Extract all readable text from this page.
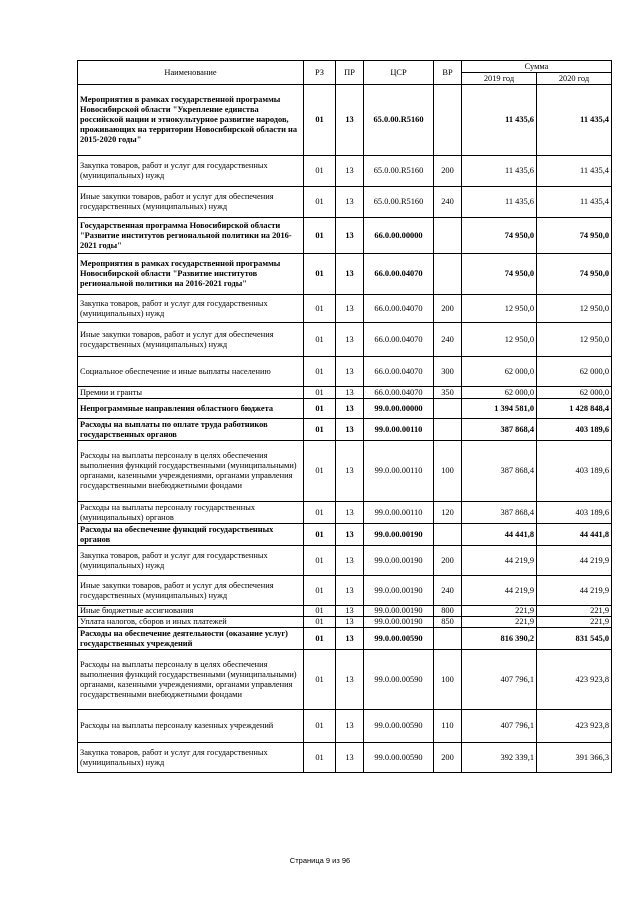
Наименование	РЗ	ПР	ЦСР	ВР	Сумма	
					2019 год	2020 год
Мероприятия в рамках государственной программы Новосибирской области "Укрепление единства российской нации и этнокультурное развитие народов, проживающих на территории Новосибирской области на 2015-2020 годы"	01	13	65.0.00.R5160		11 435,6	11 435,4
Закупка товаров, работ и услуг для государственных (муниципальных) нужд	01	13	65.0.00.R5160	200	11 435,6	11 435,4
Иные закупки товаров, работ и услуг для обеспечения государственных (муниципальных) нужд	01	13	65.0.00.R5160	240	11 435,6	11 435,4
Государственная программа Новосибирской области "Развитие институтов региональной политики на 2016-2021 годы"	01	13	66.0.00.00000		74 950,0	74 950,0
Мероприятия в рамках государственной программы Новосибирской области "Развитие институтов региональной политики на 2016-2021 годы"	01	13	66.0.00.04070		74 950,0	74 950,0
Закупка товаров, работ и услуг для государственных (муниципальных) нужд	01	13	66.0.00.04070	200	12 950,0	12 950,0
Иные закупки товаров, работ и услуг для обеспечения государственных (муниципальных) нужд	01	13	66.0.00.04070	240	12 950,0	12 950,0
Социальное обеспечение и иные выплаты населению	01	13	66.0.00.04070	300	62 000,0	62 000,0
Премии и гранты	01	13	66.0.00.04070	350	62 000,0	62 000,0
Непрограммные направления областного бюджета	01	13	99.0.00.00000		1 394 581,0	1 428 848,4
Расходы на выплаты по оплате труда работников государственных органов	01	13	99.0.00.00110		387 868,4	403 189,6
Расходы на выплаты персоналу в целях обеспечения выполнения функций государственными (муниципальными) органами, казенными учреждениями, органами управления государственными внебюджетными фондами	01	13	99.0.00.00110	100	387 868,4	403 189,6
Расходы на выплаты персоналу государственных (муниципальных) органов	01	13	99.0.00.00110	120	387 868,4	403 189,6
Расходы на обеспечение функций государственных органов	01	13	99.0.00.00190		44 441,8	44 441,8
Закупка товаров, работ и услуг для государственных (муниципальных) нужд	01	13	99.0.00.00190	200	44 219,9	44 219,9
Иные закупки товаров, работ и услуг для обеспечения государственных (муниципальных) нужд	01	13	99.0.00.00190	240	44 219,9	44 219,9
Иные бюджетные ассигнования	01	13	99.0.00.00190	800	221,9	221,9
Уплата налогов, сборов и иных платежей	01	13	99.0.00.00190	850	221,9	221,9
Расходы на обеспечение деятельности (оказание услуг) государственных учреждений	01	13	99.0.00.00590		816 390,2	831 545,0
Расходы на выплаты персоналу в целях обеспечения выполнения функций государственными (муниципальными) органами, казенными учреждениями, органами управления государственными внебюджетными фондами	01	13	99.0.00.00590	100	407 796,1	423 923,8
Расходы на выплаты персоналу казенных учреждений	01	13	99.0.00.00590	110	407 796,1	423 923,8
Закупка товаров, работ и услуг для государственных (муниципальных) нужд	01	13	99.0.00.00590	200	392 339,1	391 366,3
Страница 9 из 96
